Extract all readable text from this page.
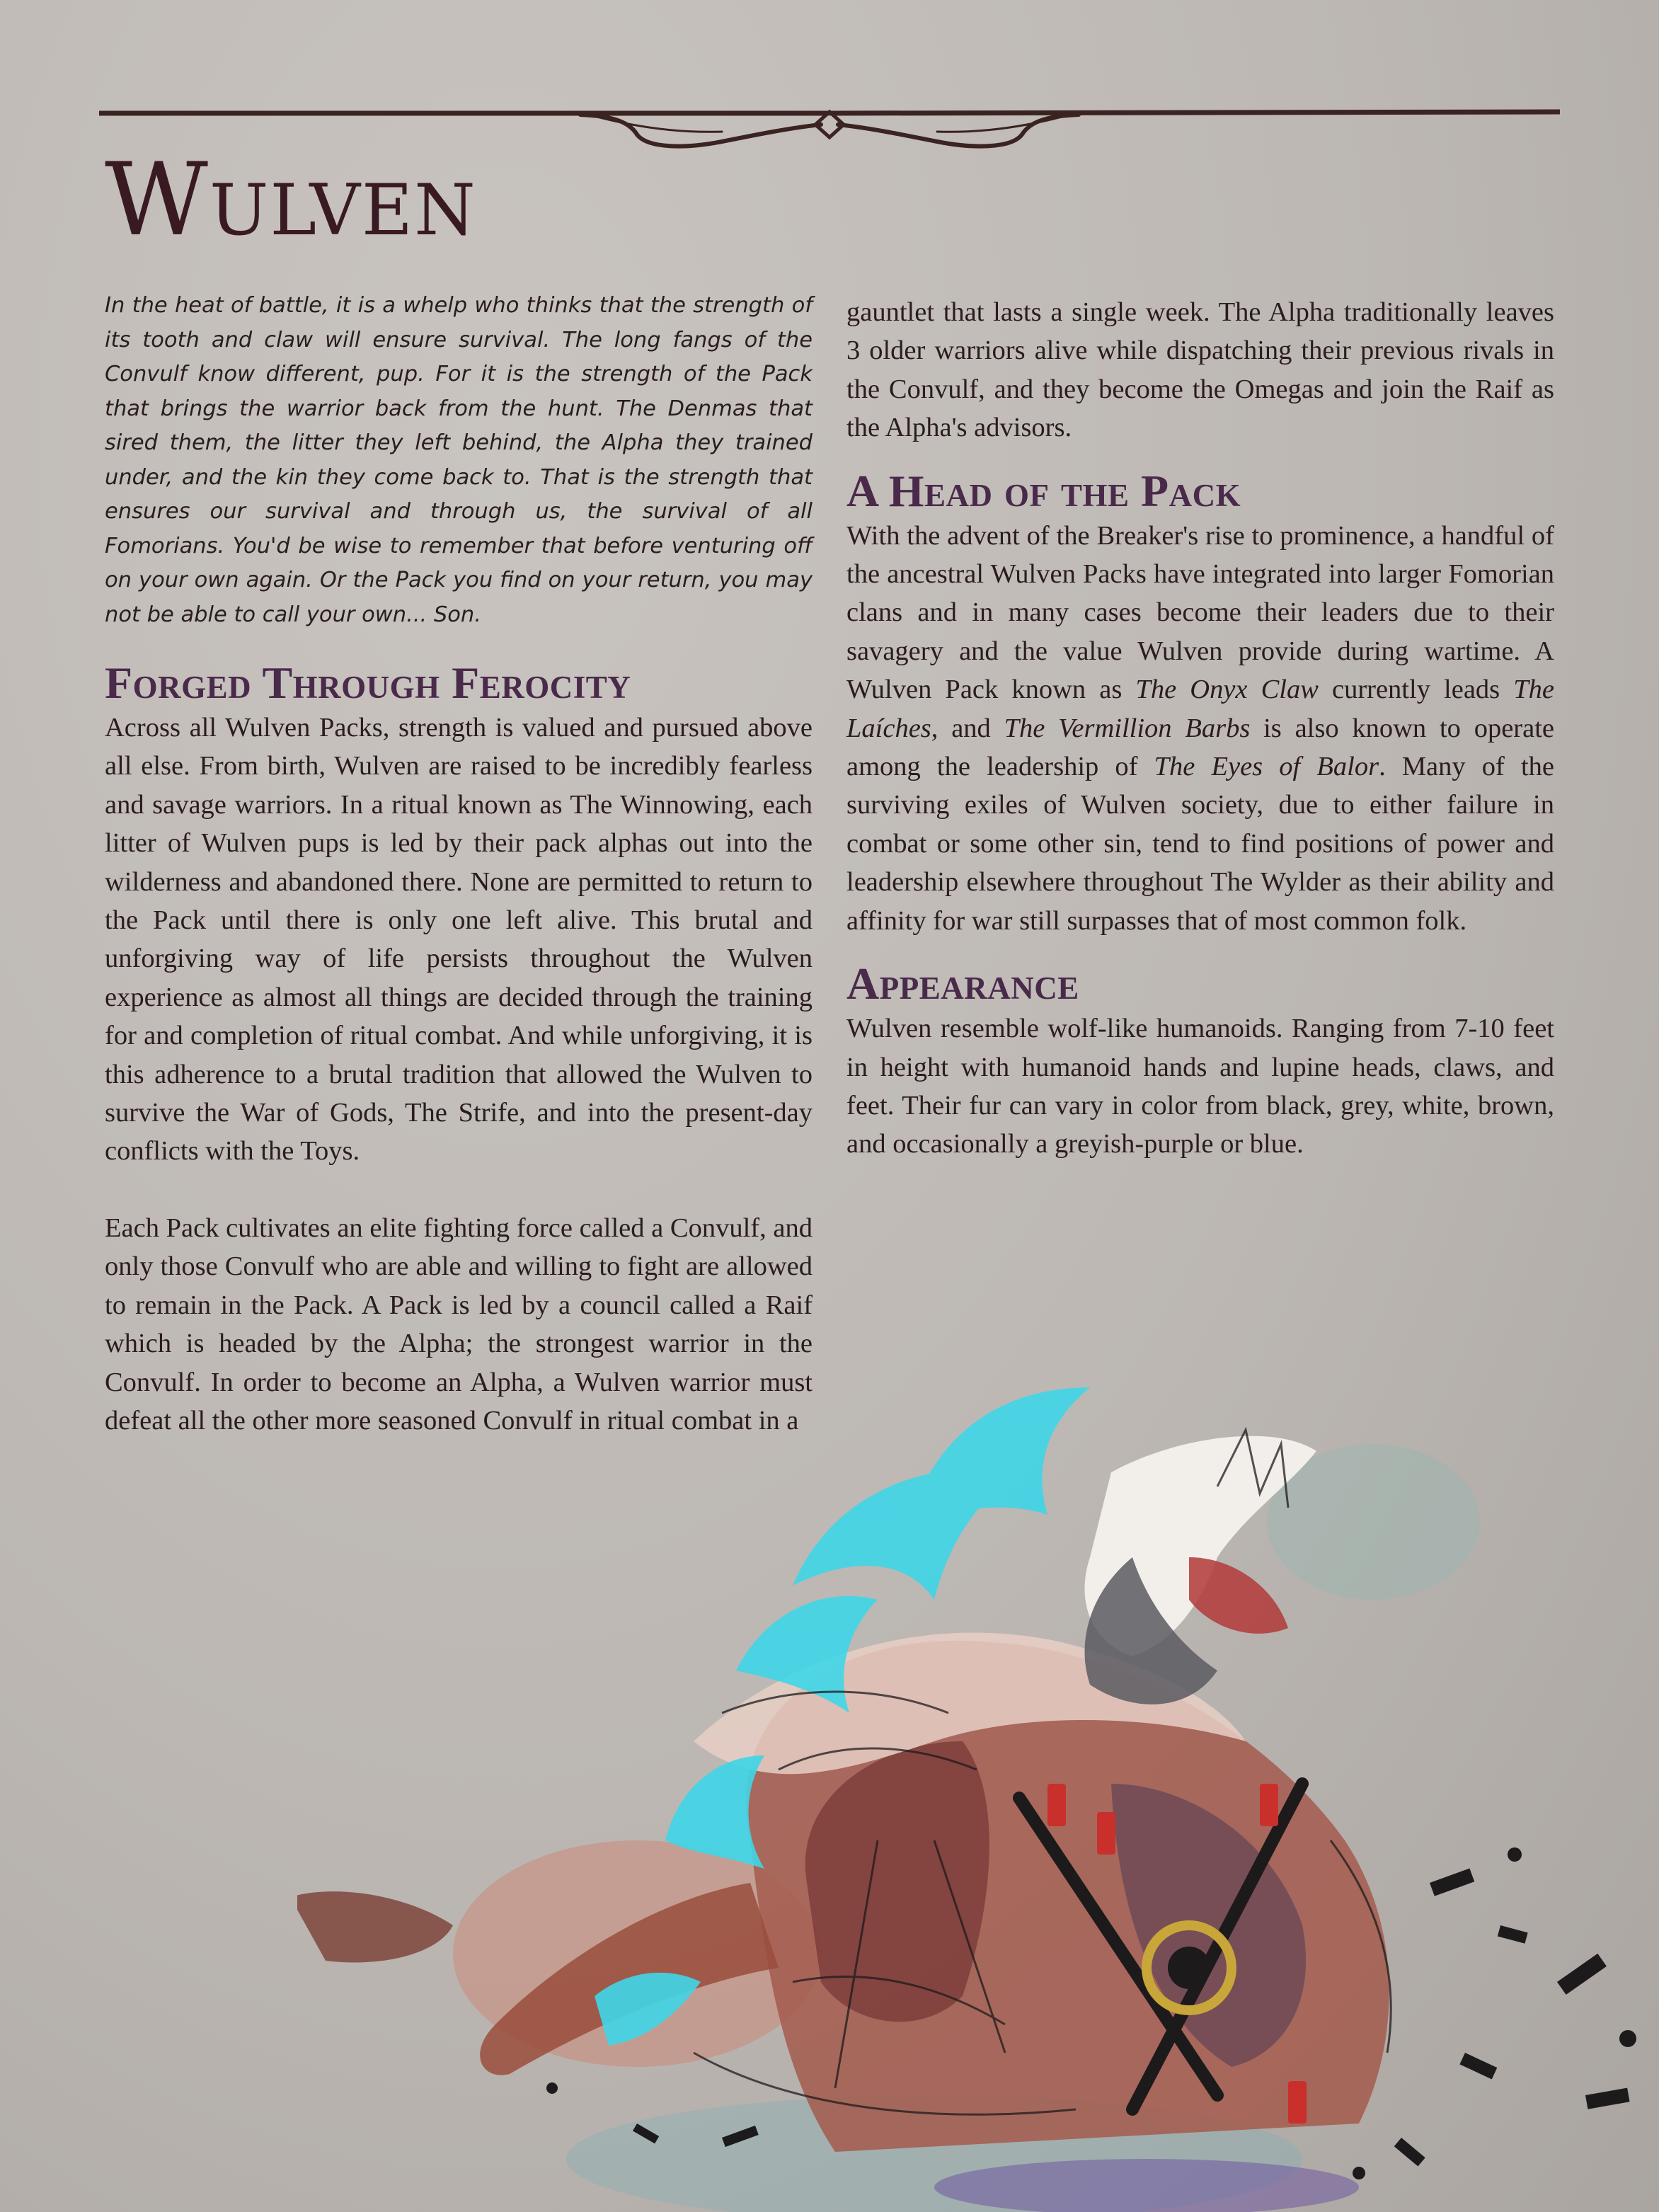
Wulven

In the heat of battle, it is a whelp who thinks that the strength of its tooth and claw will ensure survival. The long fangs of the Convulf know different, pup. For it is the strength of the Pack that brings the warrior back from the hunt. The Denmas that sired them, the litter they left behind, the Alpha they trained under, and the kin they come back to. That is the strength that ensures our survival and through us, the survival of all Fomorians. You'd be wise to remember that before venturing off on your own again. Or the Pack you find on your return, you may not be able to call your own... Son.

Forged Through Ferocity

Across all Wulven Packs, strength is valued and pursued above all else. From birth, Wulven are raised to be incredibly fearless and savage warriors. In a ritual known as The Winnowing, each litter of Wulven pups is led by their pack alphas out into the wilderness and abandoned there. None are permitted to return to the Pack until there is only one left alive. This brutal and unforgiving way of life persists throughout the Wulven experience as almost all things are decided through the training for and completion of ritual combat. And while unforgiving, it is this adherence to a brutal tradition that allowed the Wulven to survive the War of Gods, The Strife, and into the present-day conflicts with the Toys.

Each Pack cultivates an elite fighting force called a Convulf, and only those Convulf who are able and willing to fight are allowed to remain in the Pack. A Pack is led by a council called a Raif which is headed by the Alpha; the strongest warrior in the Convulf. In order to become an Alpha, a Wulven warrior must defeat all the other more seasoned Convulf in ritual combat in a

gauntlet that lasts a single week. The Alpha traditionally leaves 3 older warriors alive while dispatching their previous rivals in the Convulf, and they become the Omegas and join the Raif as the Alpha's advisors.

A Head of the Pack

With the advent of the Breaker's rise to prominence, a handful of the ancestral Wulven Packs have integrated into larger Fomorian clans and in many cases become their leaders due to their savagery and the value Wulven provide during wartime. A Wulven Pack known as The Onyx Claw currently leads The Laíches, and The Vermillion Barbs is also known to operate among the leadership of The Eyes of Balor. Many of the surviving exiles of Wulven society, due to either failure in combat or some other sin, tend to find positions of power and leadership elsewhere throughout The Wylder as their ability and affinity for war still surpasses that of most common folk.

Appearance

Wulven resemble wolf-like humanoids. Ranging from 7-10 feet in height with humanoid hands and lupine heads, claws, and feet. Their fur can vary in color from black, grey, white, brown, and occasionally a greyish-purple or blue.
